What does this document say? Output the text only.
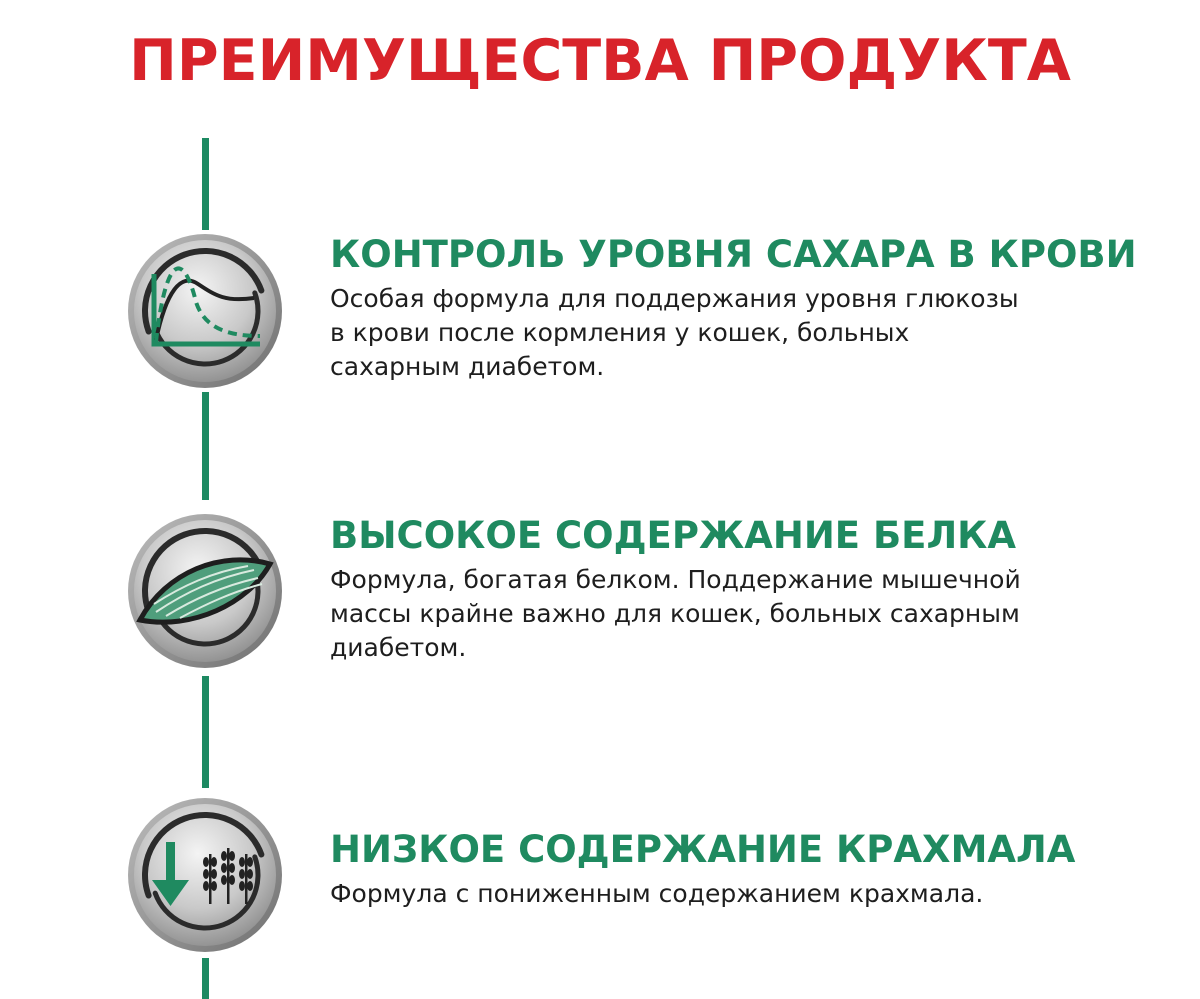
ПРЕИМУЩЕСТВА ПРОДУКТА
КОНТРОЛЬ УРОВНЯ САХАРА В КРОВИ
Особая формула для поддержания уровня глюкозы
в крови после кормления у кошек, больных
сахарным диабетом.
ВЫСОКОЕ СОДЕРЖАНИЕ БЕЛКА
Формула, богатая белком. Поддержание мышечной
массы крайне важно для кошек, больных сахарным
диабетом.
НИЗКОЕ СОДЕРЖАНИЕ КРАХМАЛА
Формула с пониженным содержанием крахмала.
